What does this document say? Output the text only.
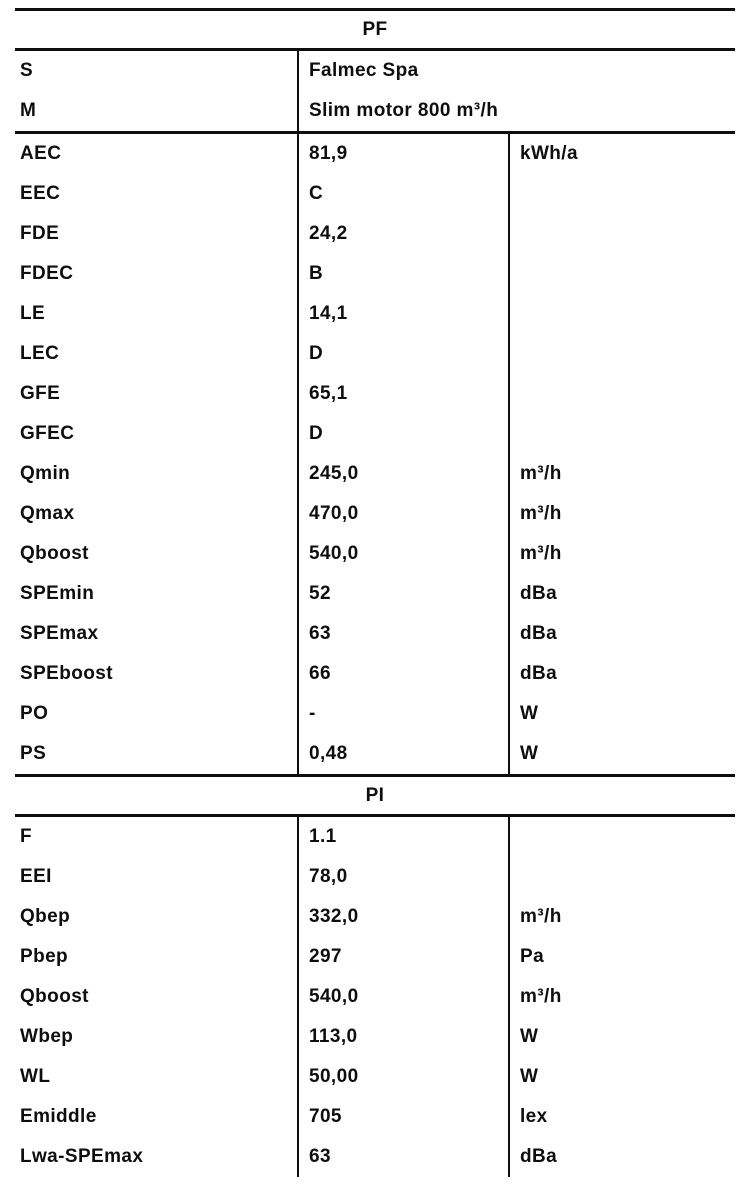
PF
S	Falmec Spa
M	Slim motor 800 m³/h
AEC	81,9	kWh/a
EEC	C
FDE	24,2
FDEC	B
LE	14,1
LEC	D
GFE	65,1
GFEC	D
Qmin	245,0	m³/h
Qmax	470,0	m³/h
Qboost	540,0	m³/h
SPEmin	52	dBa
SPEmax	63	dBa
SPEboost	66	dBa
PO	-	W
PS	0,48	W
PI
F	1.1
EEI	78,0
Qbep	332,0	m³/h
Pbep	297	Pa
Qboost	540,0	m³/h
Wbep	113,0	W
WL	50,00	W
Emiddle	705	lex
Lwa-SPEmax	63	dBa
